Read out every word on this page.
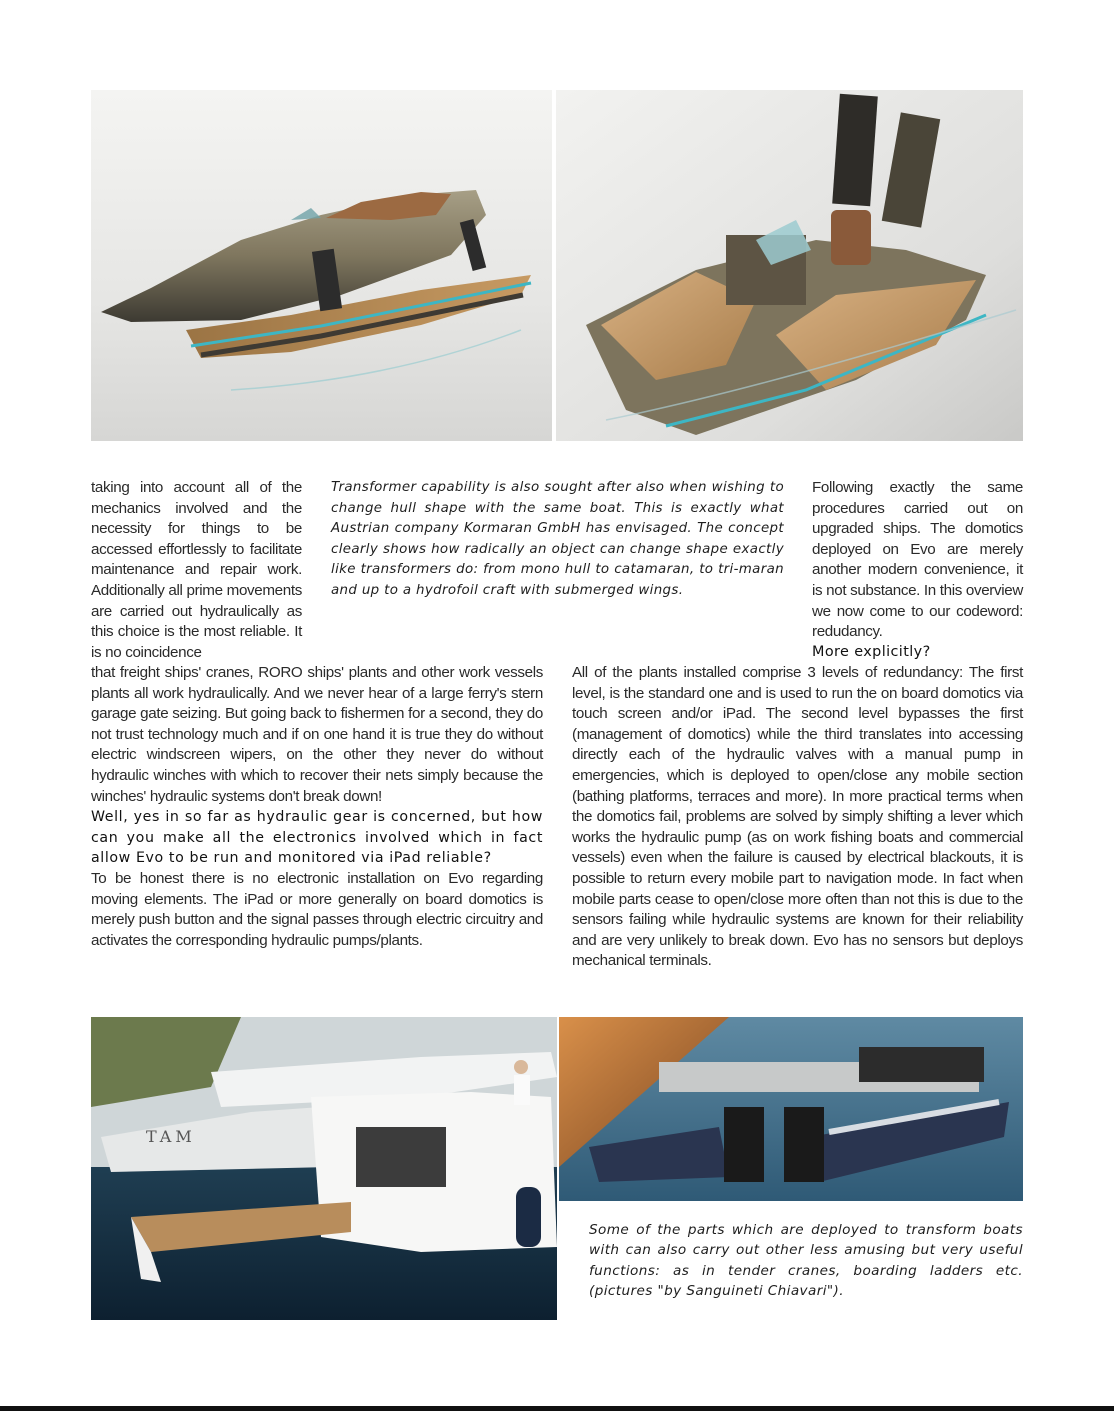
taking into account all of the mechanics involved and the necessity for things to be accessed effortlessly to facilitate maintenance and repair work. Additionally all prime movements are carried out hydraulically as this choice is the most reliable. It is no coincidence
Transformer capability is also sought after also when wishing to change hull shape with the same boat. This is exactly what Austrian company Kormaran GmbH has envisaged. The concept clearly shows how radically an object can change shape exactly like transformers do: from mono hull to catamaran, to tri-maran and up to a hydrofoil craft with submerged wings.
Following exactly the same procedures carried out on upgraded ships. The domotics deployed on Evo are merely another modern convenience, it is not substance. In this overview we now come to our codeword: redudancy.
More explicitly?
that freight ships' cranes, RORO ships' plants and other work vessels plants all work hydraulically. And we never hear of a large ferry's stern garage gate seizing. But going back to fishermen for a second, they do not trust technology much and if on one hand it is true they do without electric windscreen wipers, on the other they never do without hydraulic winches with which to recover their nets simply because the winches' hydraulic systems don't break down!
Well, yes in so far as hydraulic gear is concerned, but how can you make all the electronics involved which in fact allow Evo to be run and monitored via iPad reliable?
To be honest there is no electronic installation on Evo regarding moving elements. The iPad or more generally on board domotics is merely push button and the signal passes through electric circuitry and activates the corresponding hydraulic pumps/plants.
All of the plants installed comprise 3 levels of redundancy: The first level, is the standard one and is used to run the on board domotics via touch screen and/or iPad. The second level bypasses the first (management of domotics) while the third translates into accessing directly each of the hydraulic valves with a manual pump in emergencies, which is deployed to open/close any mobile section (bathing platforms, terraces and more). In more practical terms when the domotics fail, problems are solved by simply shifting a lever which works the hydraulic pump (as on work fishing boats and commercial vessels) even when the failure is caused by electrical blackouts, it is possible to return every mobile part to navigation mode. In fact when mobile parts cease to open/close more often than not this is due to the sensors failing while hydraulic systems are known for their reliability and are very unlikely to break down. Evo has no sensors but deploys mechanical terminals.
TAM
Some of the parts which are deployed to transform boats with can also carry out other less amusing but very useful functions: as in tender cranes, boarding ladders etc.(pictures "by Sanguineti Chiavari").
